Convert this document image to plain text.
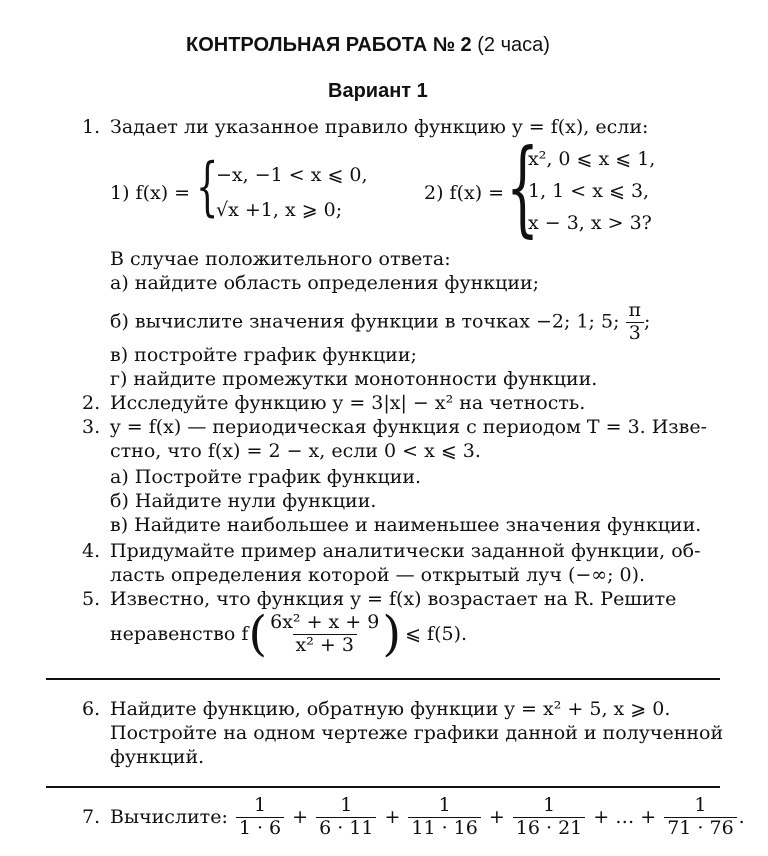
КОНТРОЛЬНАЯ РАБОТА № 2 (2 часа)
Вариант 1
1. Задает ли указанное правило функцию y = f(x), если:
1) f(x) = {
−x, −1 < x ⩽ 0,
√x +1, x ⩾ 0;
2) f(x) = {
x², 0 ⩽ x ⩽ 1,
1, 1 < x ⩽ 3,
x − 3, x > 3?
В случае положительного ответа:
а) найдите область определения функции;
б) вычислите значения функции в точках −2; 1; 5; $\frac{\pi}{3}$ ;
в) постройте график функции;
г) найдите промежутки монотонности функции.
2. Исследуйте функцию y = 3|x| − x² на четность.
3. y = f(x) — периодическая функция с периодом T = 3. Изве-
стно, что f(x) = 2 − x, если 0 < x ⩽ 3.
а) Постройте график функции.
б) Найдите нули функции.
в) Найдите наибольшее и наименьшее значения функции.
4. Придумайте пример аналитически заданной функции, об-
ласть определения которой — открытый луч (−∞; 0).
5. Известно, что функция y = f(x) возрастает на R. Решите
неравенство f ( $\frac{\text{6x² + x + 9}}{\text{x² + 3}}$ ) ⩽ f(5).
6. Найдите функцию, обратную функции y = x² + 5, x ⩾ 0.
Постройте на одном чертеже графики данной и полученной
функций.
7. Вычислите: $\frac{1}{1 \cdot 6} + \frac{1}{6 \cdot 11} + \frac{1}{11 \cdot 16} + \frac{1}{16 \cdot 21}$ + … + $\frac{1}{71 \cdot 76}$ .
